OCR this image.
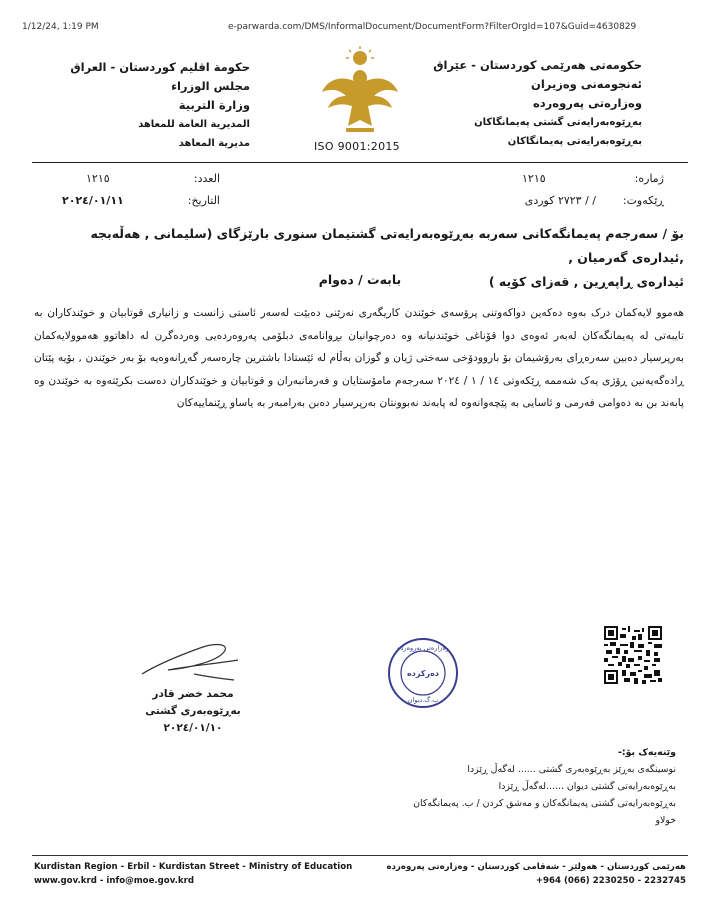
1/12/24, 1:19 PM	e-parwarda.com/DMS/InformalDocument/DocumentForm?FilterOrgId=107&Guid=4630829
حکومەتی هەرێمی کوردستان - عێراق
ئەنجومەنی وەزیران
وەزارەتی پەروەردە
بەڕێوەبەرایەتی گشتی پەیمانگاکان
بەڕێوەبەرایەتی پەیمانگاکان
حكومة اقليم كوردستان - العراق
مجلس الوزراء
وزارة التربية
المديرية العامة للمعاهد
مديرية المعاهد	ISO 9001:2015
ژمارە:
١٢١٥
ڕێکەوت:
/ / ٢٧٢٣ کوردی
العدد:
١٢١٥
التاريخ:
٢٠٢٤/٠١/١١
بۆ / سەرجەم پەیمانگەکانی سەربە بەڕێوەبەرایەتی گشتیمان سنوری بارێزگای (سلیمانی , هەڵەبجە ,ئیدارەی گەرمیان ,
ئیدارەی ڕاپەڕین , قەزای کۆیە )
بابەت / دەوام
هەموو لایەکمان درک بەوە دەکەین دواکەوتنی پرۆسەی خوێندن کاریگەری نەرێنی دەبێت لەسەر ئاستی زانست و زانیاری قوتابیان و خوێندکاران بە تایبەتی لە پەیمانگەکان لەبەر ئەوەی دوا قۆناغی خوێندنیانە وە دەرچوانیان بڕوانامەی دبلۆمی پەروەردەیی وەردەگرن لە داهاتوو هەموولایەکمان بەرپرسیار دەبین سەرەڕای بەرۆشیمان بۆ باروودۆخی سەختی ژیان و گوزان بەڵام لە ئێستادا باشترین چارەسەر گەڕانەوەیە بۆ بەر خوێندن , بۆیە پێتان ڕادەگەیەنین ڕۆژی یەک شەممە ڕێکەوتی ١٤ / ١ / ٢٠٢٤ سەرجەم مامۆستایان و فەرمانبەران و قوتابیان و خوێندکاران دەست بکرێتەوە بە خوێندن وە پابەند بن بە دەوامی فەرمی و ئاسایی بە پێچەوانەوە لە پابەند نەبوونتان بەرپرسیار دەبن بەرامبەر بە یاساو ڕێنماییەکان
وەزارەتی پەروەردە
دەرکردە
ب.گ.دیوان
محمد خضر قادر
بەڕێوەبەری گشتی
٢٠٢٤/٠١/١٠
وێنەیەک بۆ:-
نوسینگەی بەڕێز بەڕێوەبەری گشتی ...... لەگەڵ ڕێزدا
بەڕێوەبەرایەتی گشتی دیوان ......لەگەڵ ڕێزدا
بەڕێوەبەرایەتی گشتی پەیمانگەکان و مەشق کردن / ب. پەیمانگەکان
خولاو
Kurdistan Region - Erbil - Kurdistan Street - Ministry of Education
www.gov.krd - info@moe.gov.krd
هەرێمی کوردستان - هەولێر - شەقامی کوردستان - وەزارەتی پەروەردە
+964 (066) 2230250 - 2232745
